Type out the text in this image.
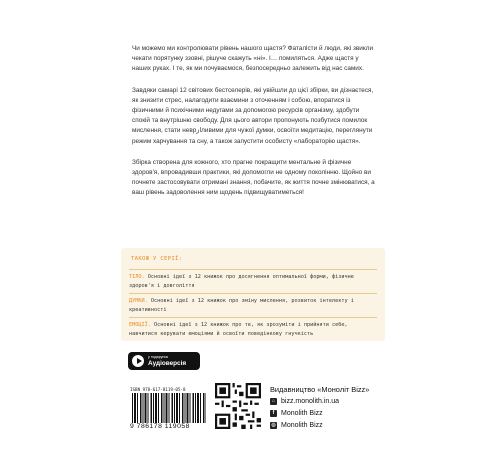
Чи можемо ми контролювати рівень нашого щастя? Фаталісти й люди, які звикли чекати порятунку ззовні, рішуче скажуть «ні». І… помиляться. Адже щастя у наших руках. І те, як ми почуваємося, безпосередньо залежить від нас самих.

Завдяки самарі 12 світових бестселерів, які увійшли до цієї збірки, ви дізнаєтеся, як знизити стрес, налагодити взаємини з оточенням і собою, впоратися із фізичними й психічними недугами за допомогою ресурсів організму, здобути спокій та внутрішню свободу. Для цього автори пропонують позбутися помилок мислення, стати неврازливими для чужої думки, освоїти медитацію, переглянути режим харчування та сну, а також запустити особисту «лабораторію щастя».

Збірка створена для кожного, хто прагне покращити ментальне й фізичне здоров'я, впровадивши практики, які допомогли не одному поколінню. Щойно ви почнете застосовувати отримані знання, побачите, як життя почне змінюватися, а ваш рівень задоволення ним щодень підвищуватиметься!

ТАКОЖ У СЕРІЇ:
ТІЛО. Основні ідеї з 12 книжок про досягнення оптимальної форми, фізичне здоров'я і довголіття
ДУМКИ. Основні ідеї з 12 книжок про зміну мислення, розвиток інтелекту і креативності
ЕМОЦІЇ. Основні ідеї з 12 книжок про те, як зрозуміти і прийняти себе, навчитися керувати емоціями й освоїти поведінкову гнучкість
у подарунок
Аудіоверсія
ISBN 978-617-8119-05-8
9 786178 119058
Видавництво «Монoліт Bizz»
⌂ bizz.monolith.in.ua
f Monolith Bizz
◎ Monolith Bizz
